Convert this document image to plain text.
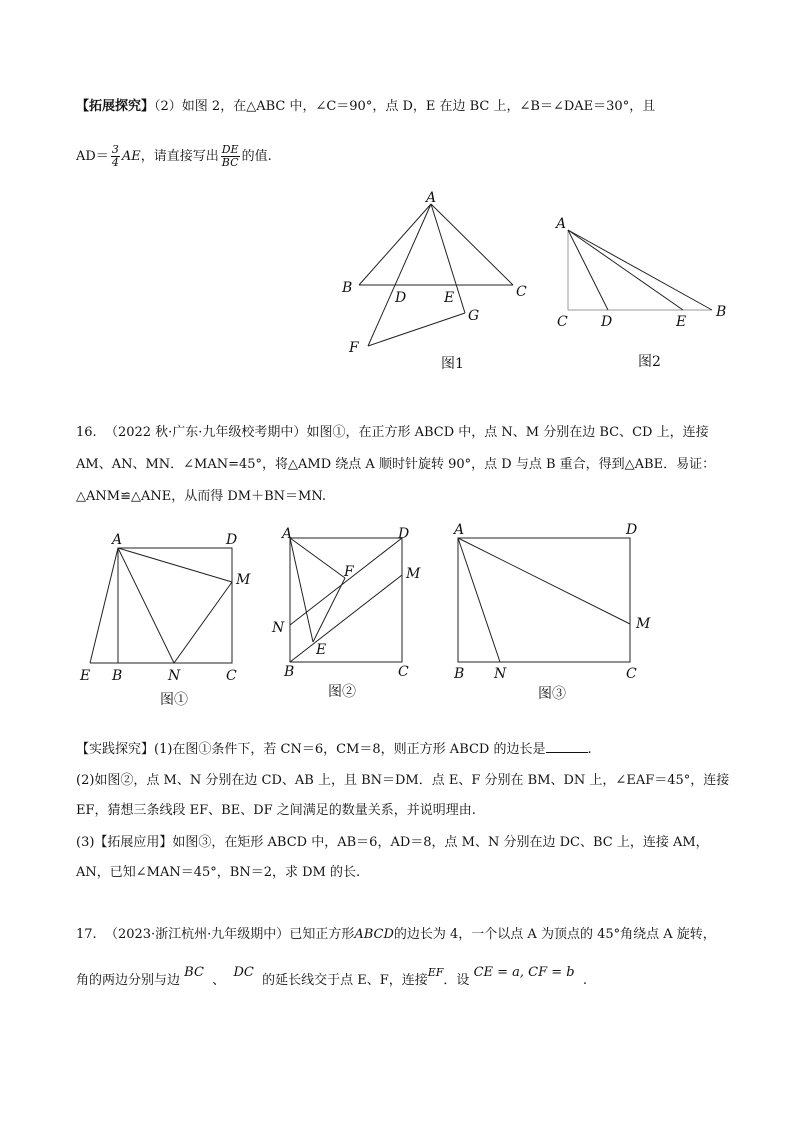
【拓展探究】（2）如图 2，在△ABC 中，∠C＝90°，点 D，E 在边 BC 上，∠B＝∠DAE＝30°，且
$AD= \frac{3}{4}$ AE，请直接写出 $\frac{DE}{BC}$ 的值.
A
B	C
D	E
F
G
图1
A
C D	E
B
图2
16. （2022 秋·广东·九年级校考期中）如图①，在正方形 ABCD 中，点 N、M 分别在边 BC、CD 上，连接
AM、AN、MN．∠MAN=45°，将△AMD 绕点 A 顺时针旋转 90°，点 D 与点 B 重合，得到△ABE．易证：
△ANM≌△ANE，从而得 DM＋BN＝MN.
A	D
M
E B	N	C
图①
A	D
F	M
N
E
B	C
图②
A	D
M
B N	C
图③
【实践探究】(1)在图①条件下，若 CN＝6，CM＝8，则正方形 ABCD 的边长是	.
(2)如图②，点 M、N 分别在边 CD、AB 上，且 BN＝DM．点 E、F 分别在 BM、DN 上，∠EAF＝45°，连接
EF，猜想三条线段 EF、BE、DF 之间满足的数量关系，并说明理由.
(3)【拓展应用】如图③，在矩形 ABCD 中，AB＝6，AD＝8，点 M、N 分别在边 DC、BC 上，连接 AM，
AN，已知∠MAN＝45°，BN＝2，求 DM 的长.
17. （2023·浙江杭州·九年级期中）已知正方形ABCD的边长为 4，一个以点 A 为顶点的 45°角绕点 A 旋转，
角的两边分别与边 BC  、  DC  的延长线交于点 E、F，连接$^{EF}$．设 CE = a, CF = b  .
